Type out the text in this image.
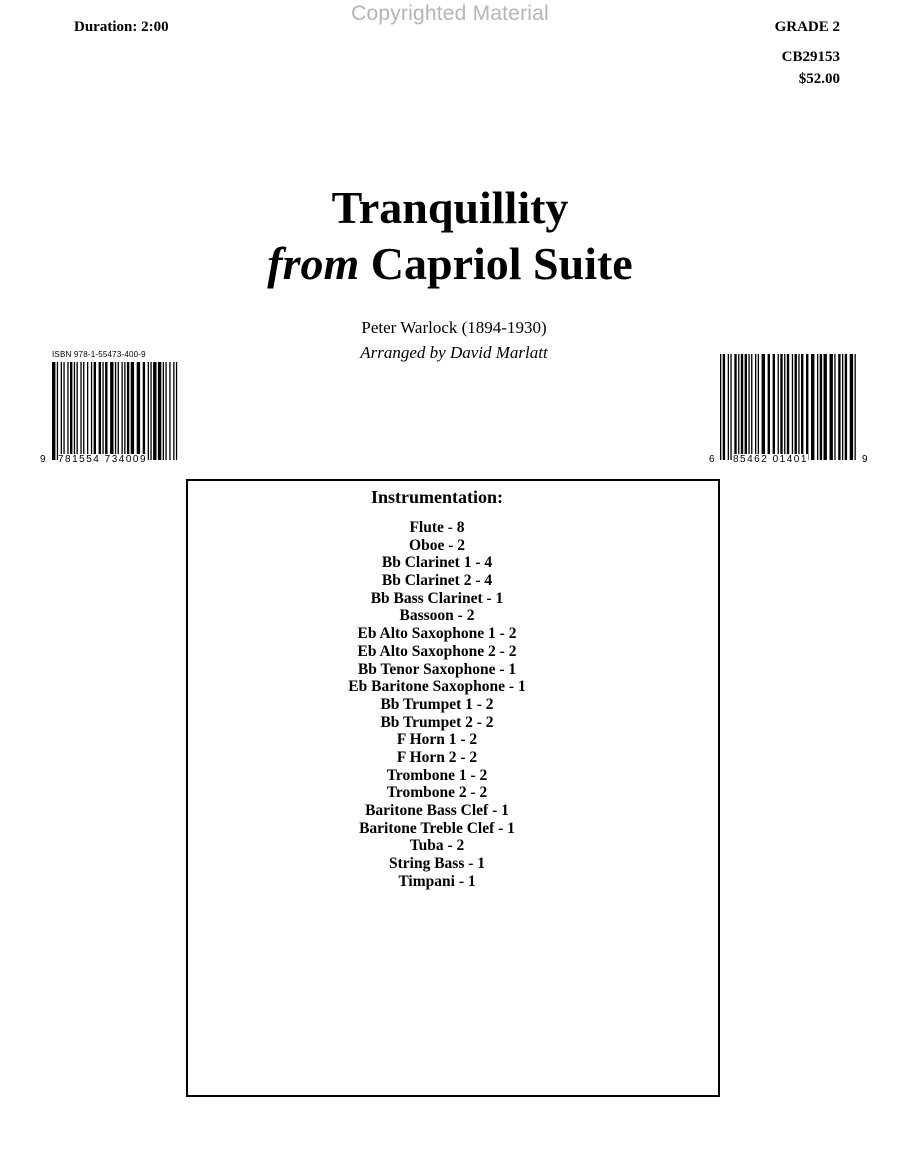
Copyrighted Material
Duration: 2:00	GRADE 2
CB29153
$52.00
Tranquillity
from Capriol Suite
Peter Warlock (1894-1930)
Arranged by David Marlatt
ISBN 978-1-55473-400-9
9 781554 734009	6 85462 01401	9
Instrumentation:
Flute - 8
Oboe - 2
Bb Clarinet 1 - 4
Bb Clarinet 2 - 4
Bb Bass Clarinet - 1
Bassoon - 2
Eb Alto Saxophone 1 - 2
Eb Alto Saxophone 2 - 2
Bb Tenor Saxophone - 1
Eb Baritone Saxophone - 1
Bb Trumpet 1 - 2
Bb Trumpet 2 - 2
F Horn 1 - 2
F Horn 2 - 2
Trombone 1 - 2
Trombone 2 - 2
Baritone Bass Clef - 1
Baritone Treble Clef - 1
Tuba - 2
String Bass - 1
Timpani - 1
